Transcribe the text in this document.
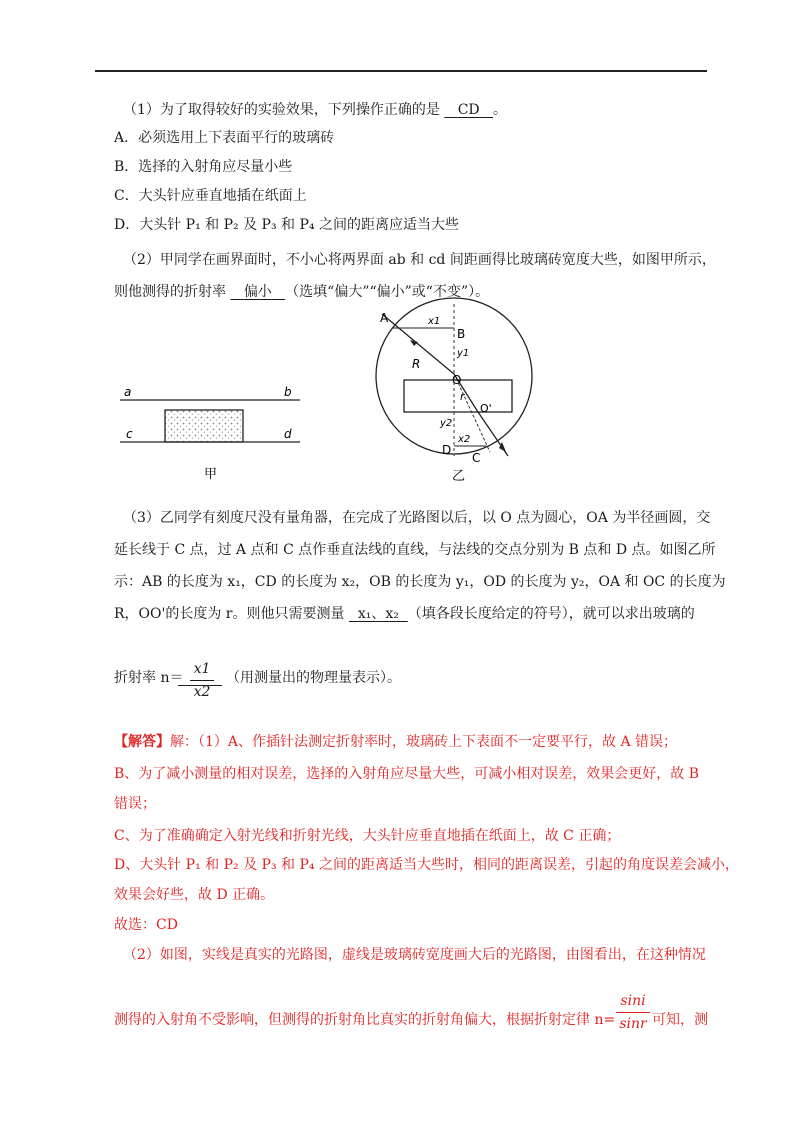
（1）为了取得较好的实验效果，下列操作正确的是 CD 。
A．必须选用上下表面平行的玻璃砖
B．选择的入射角应尽量小些
C．大头针应垂直地插在纸面上
D．大头针 P₁ 和 P₂ 及 P₃ 和 P₄ 之间的距离应适当大些
（2）甲同学在画界面时，不小心将两界面 ab 和 cd 间距画得比玻璃砖宽度大些，如图甲所示，
则他测得的折射率 偏小 （选填“偏大”“偏小”或“不变”）。
a	b
c	d
甲
A	x1
B
y1
R
O
r
O'
y2
x2
D
C
乙
（3）乙同学有刻度尺没有量角器，在完成了光路图以后，以 O 点为圆心，OA 为半径画圆，交
延长线于 C 点，过 A 点和 C 点作垂直法线的直线，与法线的交点分别为 B 点和 D 点。如图乙所
示：AB 的长度为 x₁，CD 的长度为 x₂，OB 的长度为 y₁，OD 的长度为 y₂，OA 和 OC 的长度为
R，OO'的长度为 r。则他只需要测量 x₁、x₂ （填各段长度给定的符号），就可以求出玻璃的
折射率 n＝
x1
x2
（用测量出的物理量表示）。
【解答】解：（1）A、作插针法测定折射率时，玻璃砖上下表面不一定要平行，故 A 错误；
B、为了减小测量的相对误差，选择的入射角应尽量大些，可减小相对误差，效果会更好，故 B
错误；
C、为了准确确定入射光线和折射光线，大头针应垂直地插在纸面上，故 C 正确；
D、大头针 P₁ 和 P₂ 及 P₃ 和 P₄ 之间的距离适当大些时，相同的距离误差，引起的角度误差会减小，
效果会好些，故 D 正确。
故选：CD
（2）如图，实线是真实的光路图，虚线是玻璃砖宽度画大后的光路图，由图看出，在这种情况
测得的入射角不受影响，但测得的折射角比真实的折射角偏大，根据折射定律 n=
sini
sinr 可知，测
